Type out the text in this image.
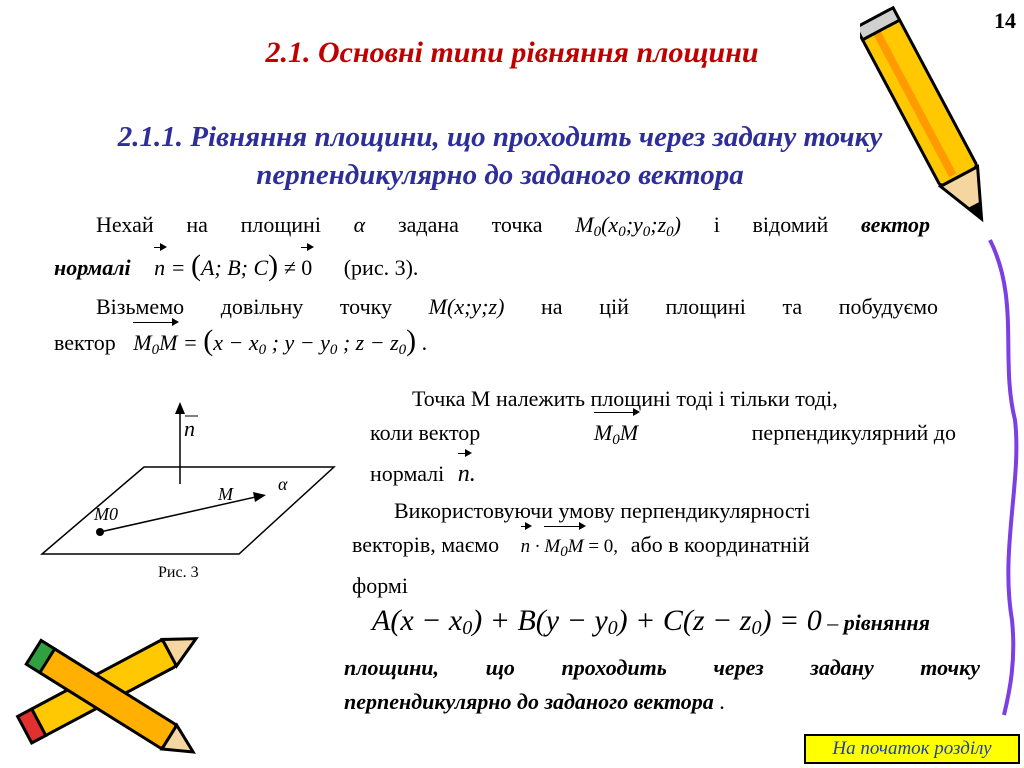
14
2.1. Основні типи рівняння площини
2.1.1. Рівняння площини, що проходить через задану точку перпендикулярно до заданого вектора
Нехай на площині α задана точка $M_0(x_0;y_0;z_0)$ і відомий вектор
нормалі n = (A; B; C) ≠ 0 (рис. 3).
Візьмемо довільну точку M(x;y;z) на цій площині та побудуємо
вектор $M_0M = (x - x_0$ ; $y - y_0$ ; $z - z_0$) .
n
M	α
M0
Рис. 3
Точка M належить площині тоді і тільки тоді,
коли вектор	$M_0M$	перпендикулярний до
нормалі n.
Використовуючи умову перпендикулярності
векторів, маємо $n \cdot M_0M = 0$, або в координатній
формі
$A(x - x_0) + B(y - y_0) + C(z - z_0) = 0$ – рівняння
площини, що проходить через задану точку
перпендикулярно до заданого вектора .
На початок розділу
